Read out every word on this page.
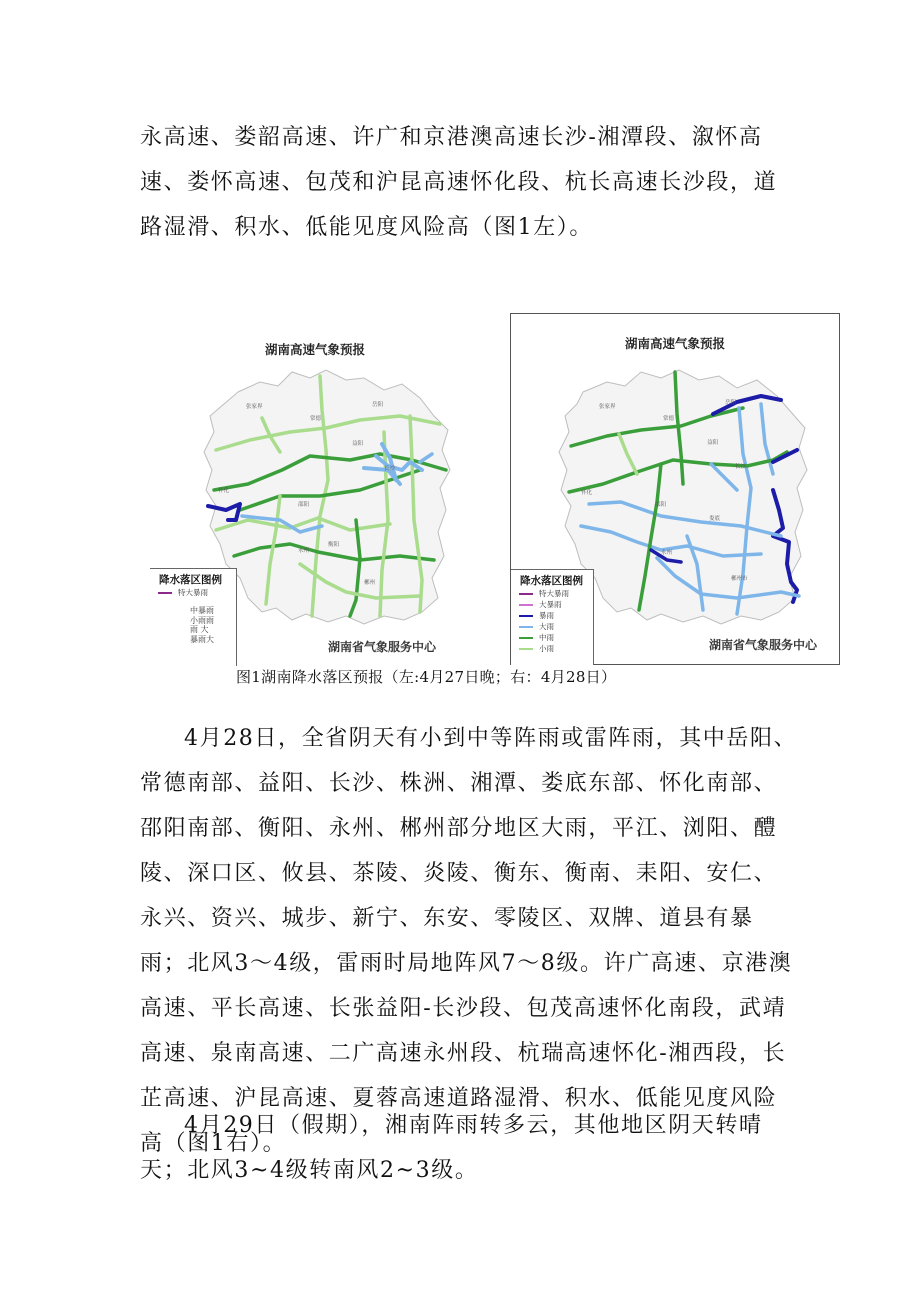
永高速、娄韶高速、许广和京港澳高速长沙-湘潭段、溆怀高速、娄怀高速、包茂和沪昆高速怀化段、杭长高速长沙段，道路湿滑、积水、低能见度风险高（图1左）。

张家界
常德
岳阳
益阳
长沙
怀化
邵阳
衡阳
永州
郴州
湖南高速气象预报
降水落区图例
特大暴雨
中暴雨小雨雨雨 大暴雨大
湖南省气象服务中心
张家界
常德
岳阳
益阳
长沙
怀化
邵阳
娄底
永州
郴州市
湖南高速气象预报
降水落区图例
特大暴雨
大暴雨
暴雨
大雨
中雨
小雨	湖南省气象服务中心
图1湖南降水落区预报（左:4月27日晚；右：4月28日）

4月28日，全省阴天有小到中等阵雨或雷阵雨，其中岳阳、常德南部、益阳、长沙、株洲、湘潭、娄底东部、怀化南部、邵阳南部、衡阳、永州、郴州部分地区大雨，平江、浏阳、醴陵、深口区、攸县、茶陵、炎陵、衡东、衡南、耒阳、安仁、永兴、资兴、城步、新宁、东安、零陵区、双牌、道县有暴雨；北风3～4级，雷雨时局地阵风7～8级。许广高速、京港澳高速、平长高速、长张益阳-长沙段、包茂高速怀化南段，武靖高速、泉南高速、二广高速永州段、杭瑞高速怀化-湘西段，长芷高速、沪昆高速、夏蓉高速道路湿滑、积水、低能见度风险高（图1右）。

4月29日（假期），湘南阵雨转多云，其他地区阴天转晴天；北风3~4级转南风2~3级。
